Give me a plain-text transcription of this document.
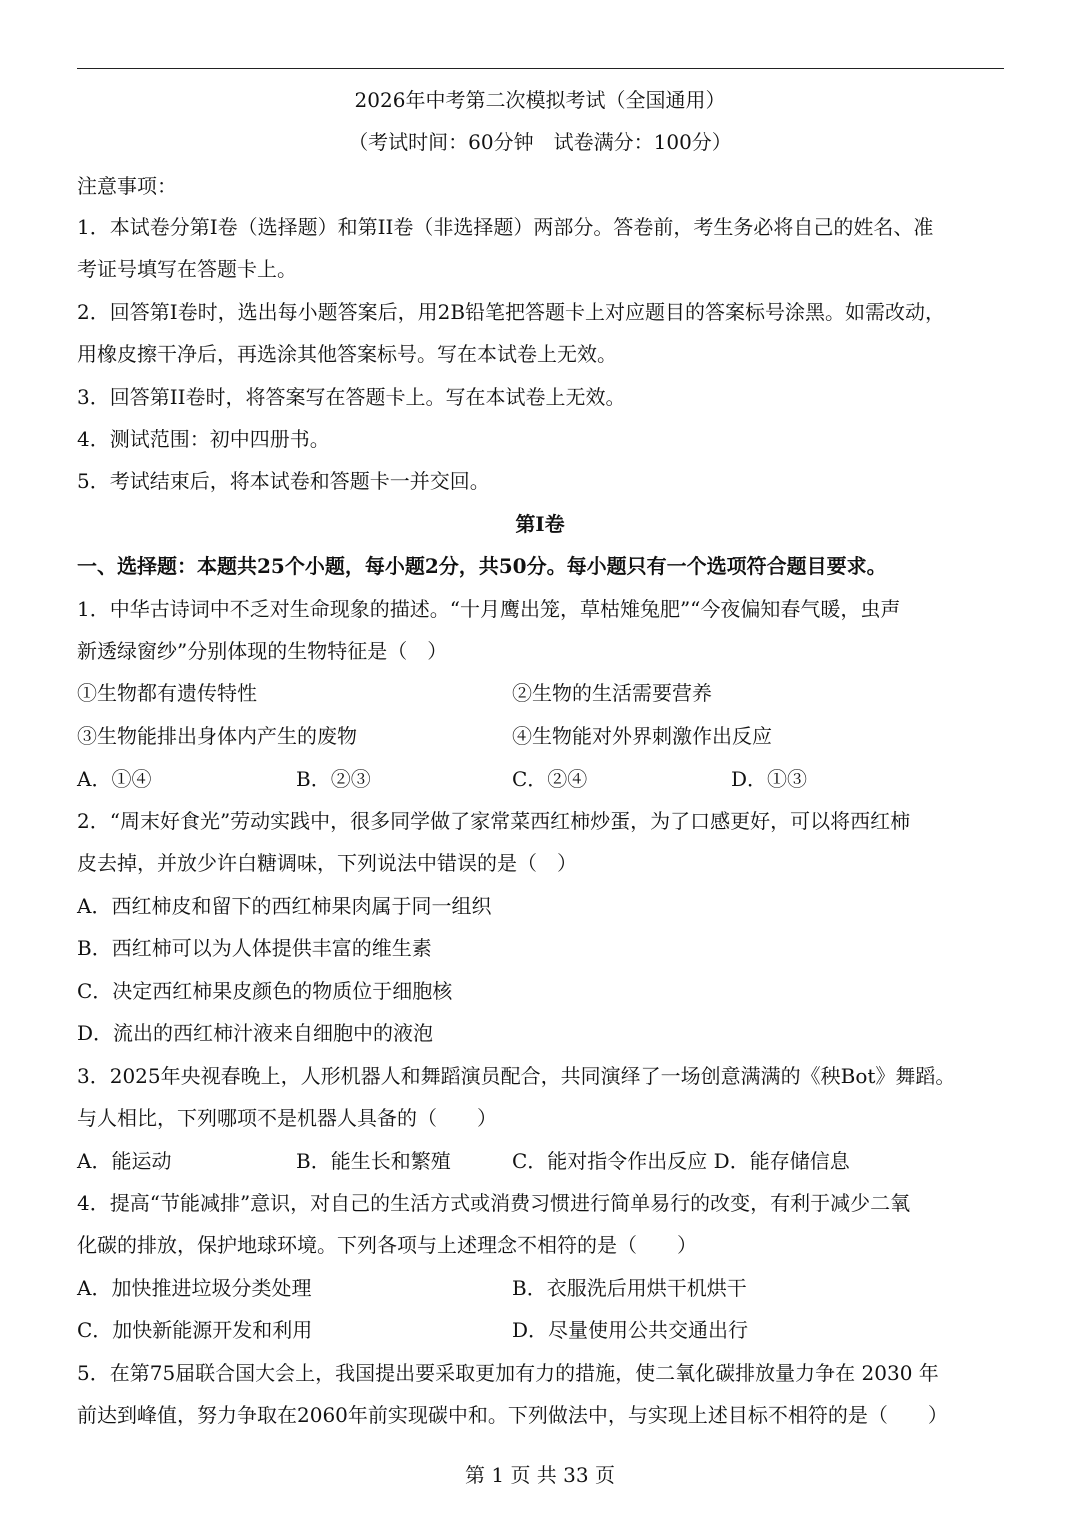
2026年中考第二次模拟考试（全国通用）
（考试时间：60分钟　试卷满分：100分）
注意事项：
1．本试卷分第I卷（选择题）和第II卷（非选择题）两部分。答卷前，考生务必将自己的姓名、准
考证号填写在答题卡上。
2．回答第I卷时，选出每小题答案后，用2B铅笔把答题卡上对应题目的答案标号涂黑。如需改动，
用橡皮擦干净后，再选涂其他答案标号。写在本试卷上无效。
3．回答第II卷时，将答案写在答题卡上。写在本试卷上无效。
4．测试范围：初中四册书。
5．考试结束后，将本试卷和答题卡一并交回。
第I卷
一、选择题：本题共25个小题，每小题2分，共50分。每小题只有一个选项符合题目要求。
1．中华古诗词中不乏对生命现象的描述。“十月鹰出笼，草枯雉兔肥”“今夜偏知春气暖，虫声
新透绿窗纱”分别体现的生物特征是（　）
①生物都有遗传特性	②生物的生活需要营养
③生物能排出身体内产生的废物	④生物能对外界刺激作出反应
A．①④	B．②③	C．②④	D．①③
2．“周末好食光”劳动实践中，很多同学做了家常菜西红柿炒蛋，为了口感更好，可以将西红柿
皮去掉，并放少许白糖调味，下列说法中错误的是（　）
A．西红柿皮和留下的西红柿果肉属于同一组织
B．西红柿可以为人体提供丰富的维生素
C．决定西红柿果皮颜色的物质位于细胞核
D．流出的西红柿汁液来自细胞中的液泡
3．2025年央视春晚上，人形机器人和舞蹈演员配合，共同演绎了一场创意满满的《秧Bot》舞蹈。
与人相比，下列哪项不是机器人具备的（　　）
A．能运动	B．能生长和繁殖	C．能对指令作出反应 D．能存储信息
4．提高“节能减排”意识，对自己的生活方式或消费习惯进行简单易行的改变，有利于减少二氧
化碳的排放，保护地球环境。下列各项与上述理念不相符的是（　　）
A．加快推进垃圾分类处理	B．衣服洗后用烘干机烘干
C．加快新能源开发和利用	D．尽量使用公共交通出行
5．在第75届联合国大会上，我国提出要采取更加有力的措施，使二氧化碳排放量力争在 2030 年
前达到峰值，努力争取在2060年前实现碳中和。下列做法中，与实现上述目标不相符的是（　　）
第 1 页 共 33 页
